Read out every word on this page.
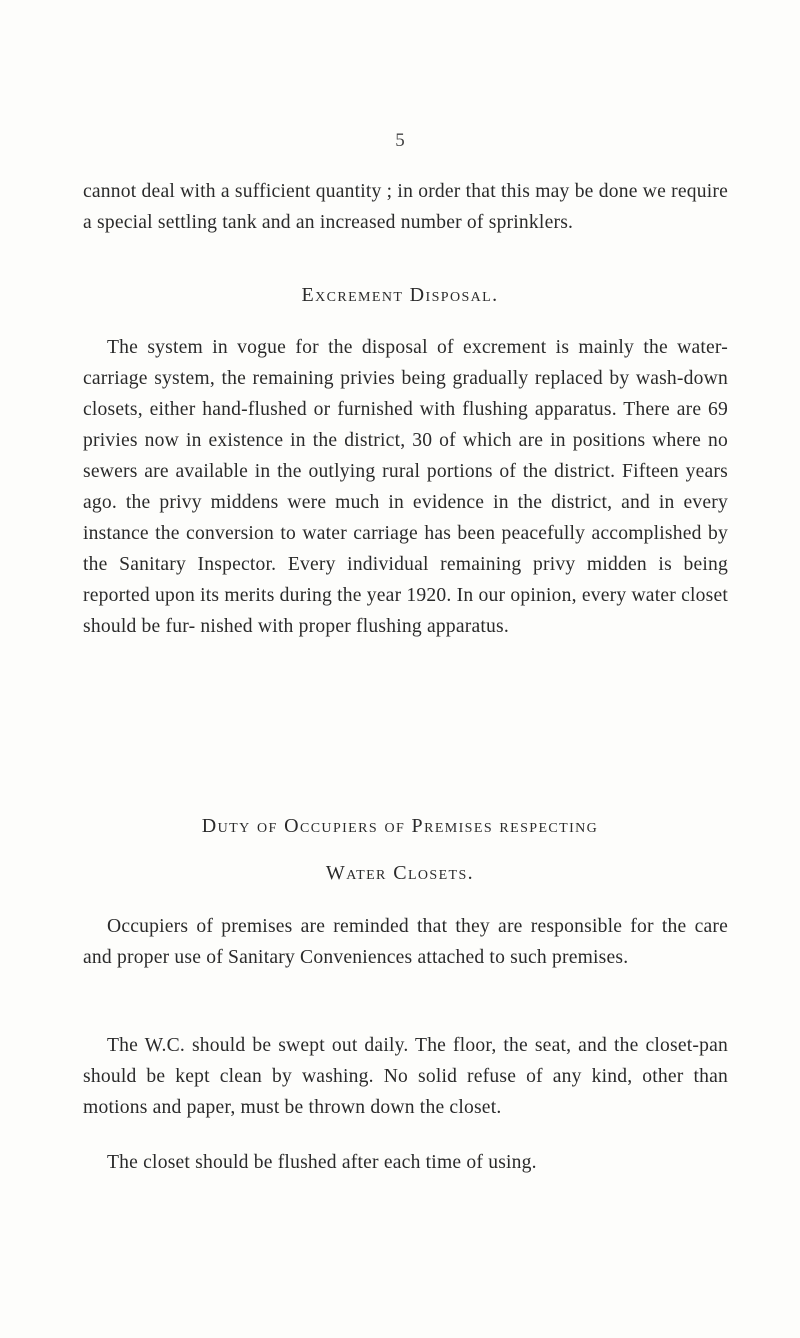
5

cannot deal with a sufficient quantity ; in order that this may be done we require a special settling tank and an increased number of sprinklers.

Excrement Disposal.

The system in vogue for the disposal of excrement is mainly the water-carriage system, the remaining privies being gradually replaced by wash-down closets, either hand-flushed or furnished with flushing apparatus. There are 69 privies now in existence in the district, 30 of which are in positions where no sewers are available in the outlying rural portions of the district. Fifteen years ago. the privy middens were much in evidence in the district, and in every instance the conversion to water carriage has been peacefully accomplished by the Sanitary Inspector. Every individual remaining privy midden is being reported upon its merits during the year 1920. In our opinion, every water closet should be fur- nished with proper flushing apparatus.

Duty of Occupiers of Premises respecting
Water Closets.

Occupiers of premises are reminded that they are responsible for the care and proper use of Sanitary Conveniences attached to such premises.

The W.C. should be swept out daily. The floor, the seat, and the closet-pan should be kept clean by washing. No solid refuse of any kind, other than motions and paper, must be thrown down the closet.

The closet should be flushed after each time of using.
